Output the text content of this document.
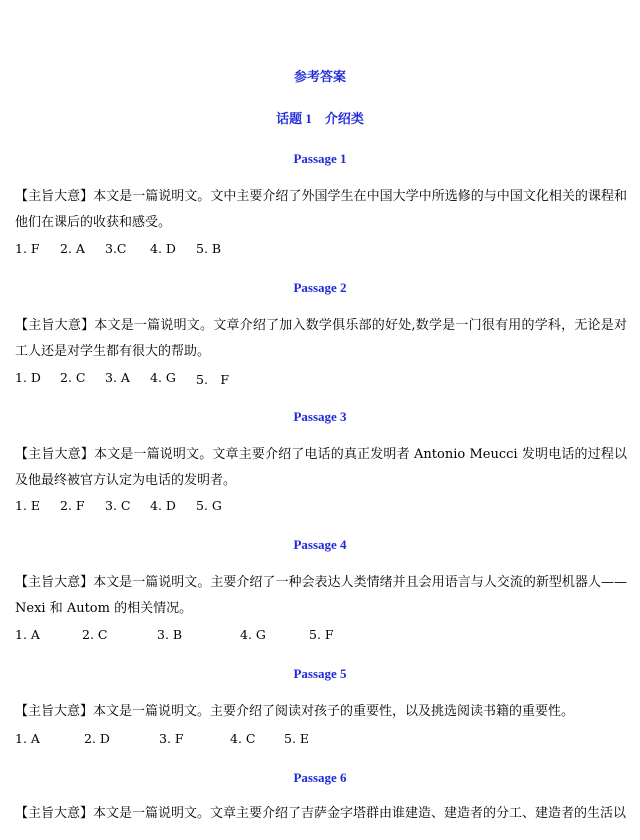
参考答案
话题 1　介绍类
Passage 1
【主旨大意】本文是一篇说明文。文中主要介绍了外国学生在中国大学中所选修的与中国文化相关的课程和他们在课后的收获和感受。
1. F 2. A 3.C 4. D 5. B
Passage 2
【主旨大意】本文是一篇说明文。文章介绍了加入数学俱乐部的好处,数学是一门很有用的学科，无论是对工人还是对学生都有很大的帮助。
1. D 2. C 3. A 4. G 5.　F
Passage 3
【主旨大意】本文是一篇说明文。文章主要介绍了电话的真正发明者 Antonio Meucci 发明电话的过程以及他最终被官方认定为电话的发明者。
1. E 2. F 3. C 4. D 5. G
Passage 4
【主旨大意】本文是一篇说明文。主要介绍了一种会表达人类情绪并且会用语言与人交流的新型机器人——Nexi 和 Autom 的相关情况。
1. A	2. C	3. B	4. G	5. F
Passage 5
【主旨大意】本文是一篇说明文。主要介绍了阅读对孩子的重要性，以及挑选阅读书籍的重要性。
1. A	2. D	3. F	4. C 5. E
Passage 6
【主旨大意】本文是一篇说明文。文章主要介绍了吉萨金字塔群由谁建造、建造者的分工、建造者的生活以
